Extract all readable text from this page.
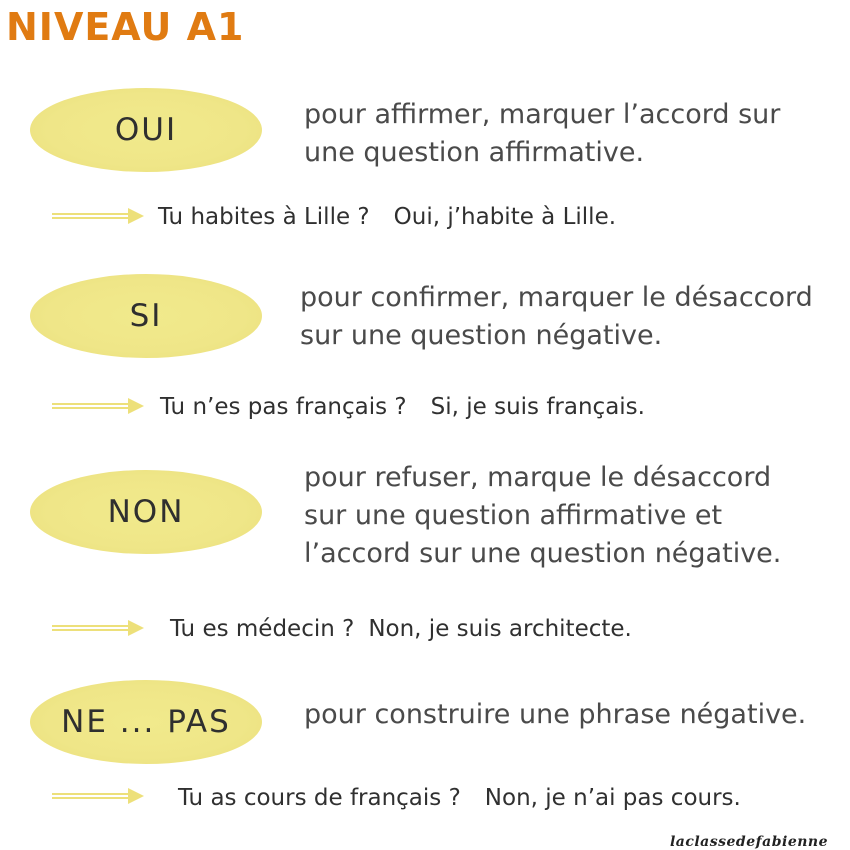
NIVEAU A1
OUI	pour affirmer, marquer l’accord sur
une question affirmative.
Tu habites à Lille ? Oui, j’habite à Lille.
SI
pour confirmer, marquer le désaccord
sur une question négative.
Tu n’es pas français ? Si, je suis français.
NON
pour refuser, marque le désaccord
sur une question affirmative et
l’accord sur une question négative.
Tu es médecin ? Non, je suis architecte.
NE ... PAS	pour construire une phrase négative.
Tu as cours de français ? Non, je n’ai pas cours.
laclassedefabienne
